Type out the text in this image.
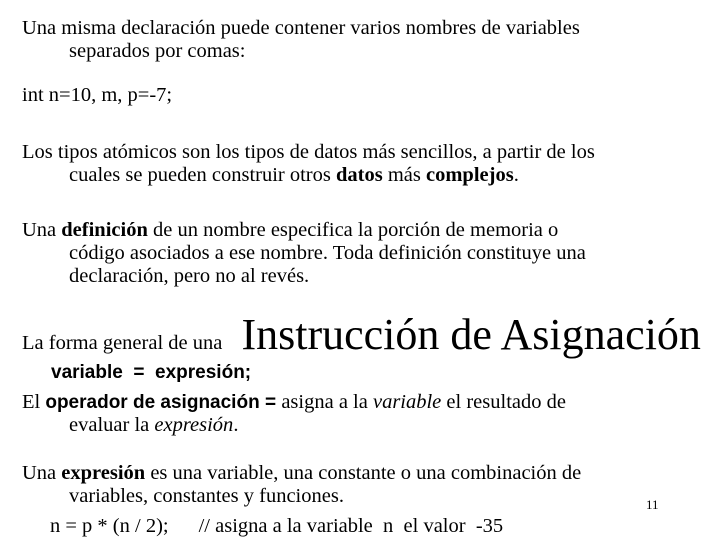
Una misma declaración puede contener varios nombres de variables
separados por comas:

int n=10, m, p=-7;

Los tipos atómicos son los tipos de datos más sencillos, a partir de los
cuales se pueden construir otros datos más complejos.

Una definición de un nombre especifica la porción de memoria o
código asociados a ese nombre. Toda definición constituye una
declaración, pero no al revés.

La forma general de una Instrucción de Asignación

variable  =  expresión;

El operador de asignación = asigna a la variable el resultado de
evaluar la expresión.

Una expresión es una variable, una constante o una combinación de
variables, constantes y funciones.

n = p * (n / 2); // asigna a la variable  n  el valor  -35

11
